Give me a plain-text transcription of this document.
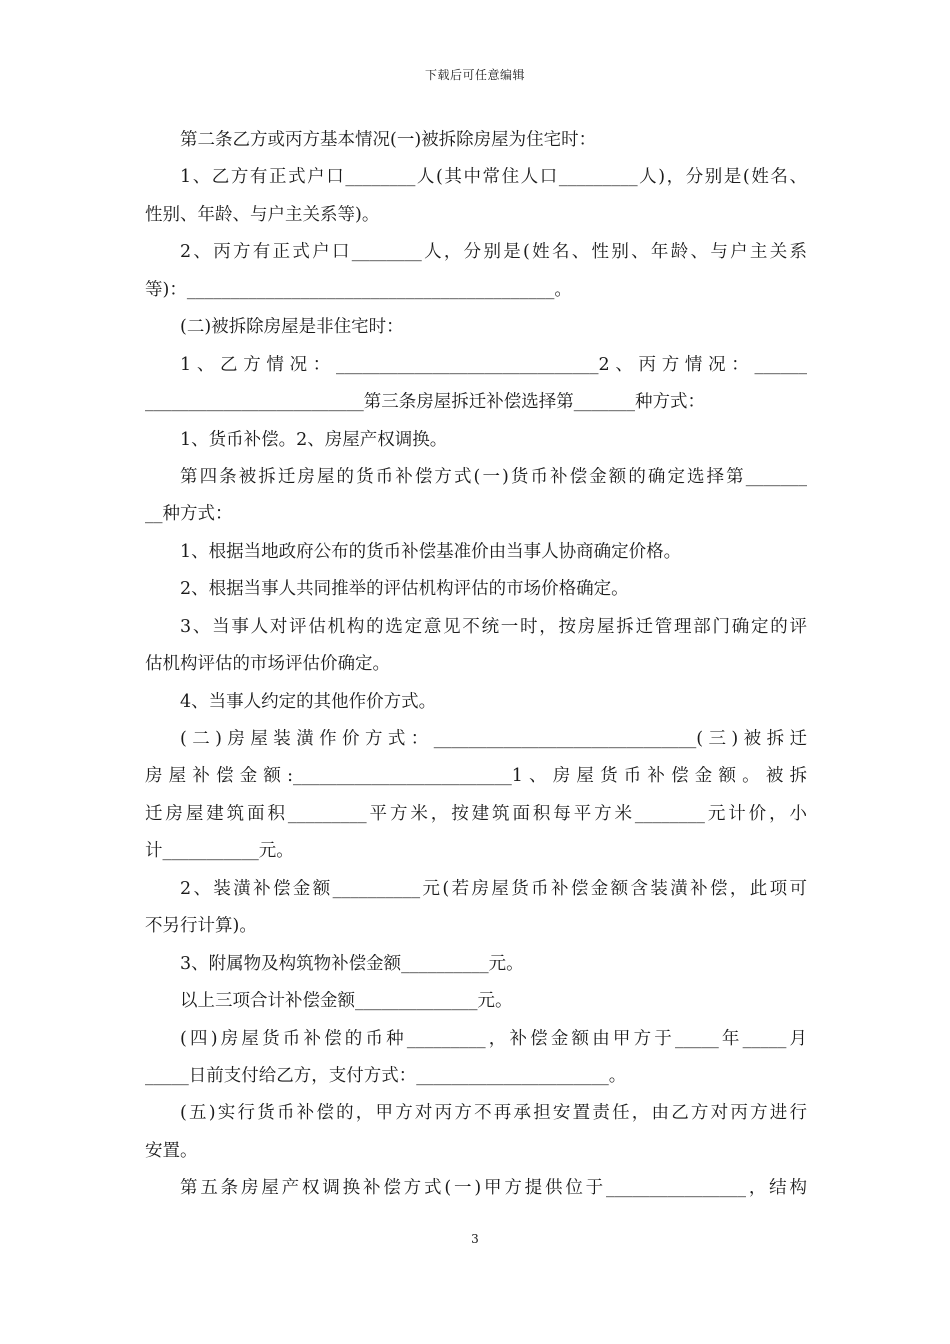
下载后可任意编辑
第二条乙方或丙方基本情况(一)被拆除房屋为住宅时：
1、乙方有正式户口________人(其中常住人口_________人)，分别是(姓名、
性别、年龄、与户主关系等)。
2、丙方有正式户口________人，分别是(姓名、性别、年龄、与户主关系
等)：__________________________________________。
(二)被拆除房屋是非住宅时：
1、乙方情况：______________________________2、丙方情况：______
_________________________第三条房屋拆迁补偿选择第_______种方式：
1、货币补偿。2、房屋产权调换。
第四条被拆迁房屋的货币补偿方式(一)货币补偿金额的确定选择第_______
__种方式：
1、根据当地政府公布的货币补偿基准价由当事人协商确定价格。
2、根据当事人共同推举的评估机构评估的市场价格确定。
3、当事人对评估机构的选定意见不统一时，按房屋拆迁管理部门确定的评
估机构评估的市场评估价确定。
4、当事人约定的其他作价方式。
(二)房屋装潢作价方式：______________________________(三)被拆迁
房屋补偿金额:_________________________1、房屋货币补偿金额。被拆
迁房屋建筑面积_________平方米，按建筑面积每平方米________元计价，小
计___________元。
2、装潢补偿金额__________元(若房屋货币补偿金额含装潢补偿，此项可
不另行计算)。
3、附属物及构筑物补偿金额__________元。
以上三项合计补偿金额______________元。
(四)房屋货币补偿的币种_________，补偿金额由甲方于_____年_____月
_____日前支付给乙方，支付方式：______________________。
(五)实行货币补偿的，甲方对丙方不再承担安置责任，由乙方对丙方进行
安置。
第五条房屋产权调换补偿方式(一)甲方提供位于________________，结构
3
